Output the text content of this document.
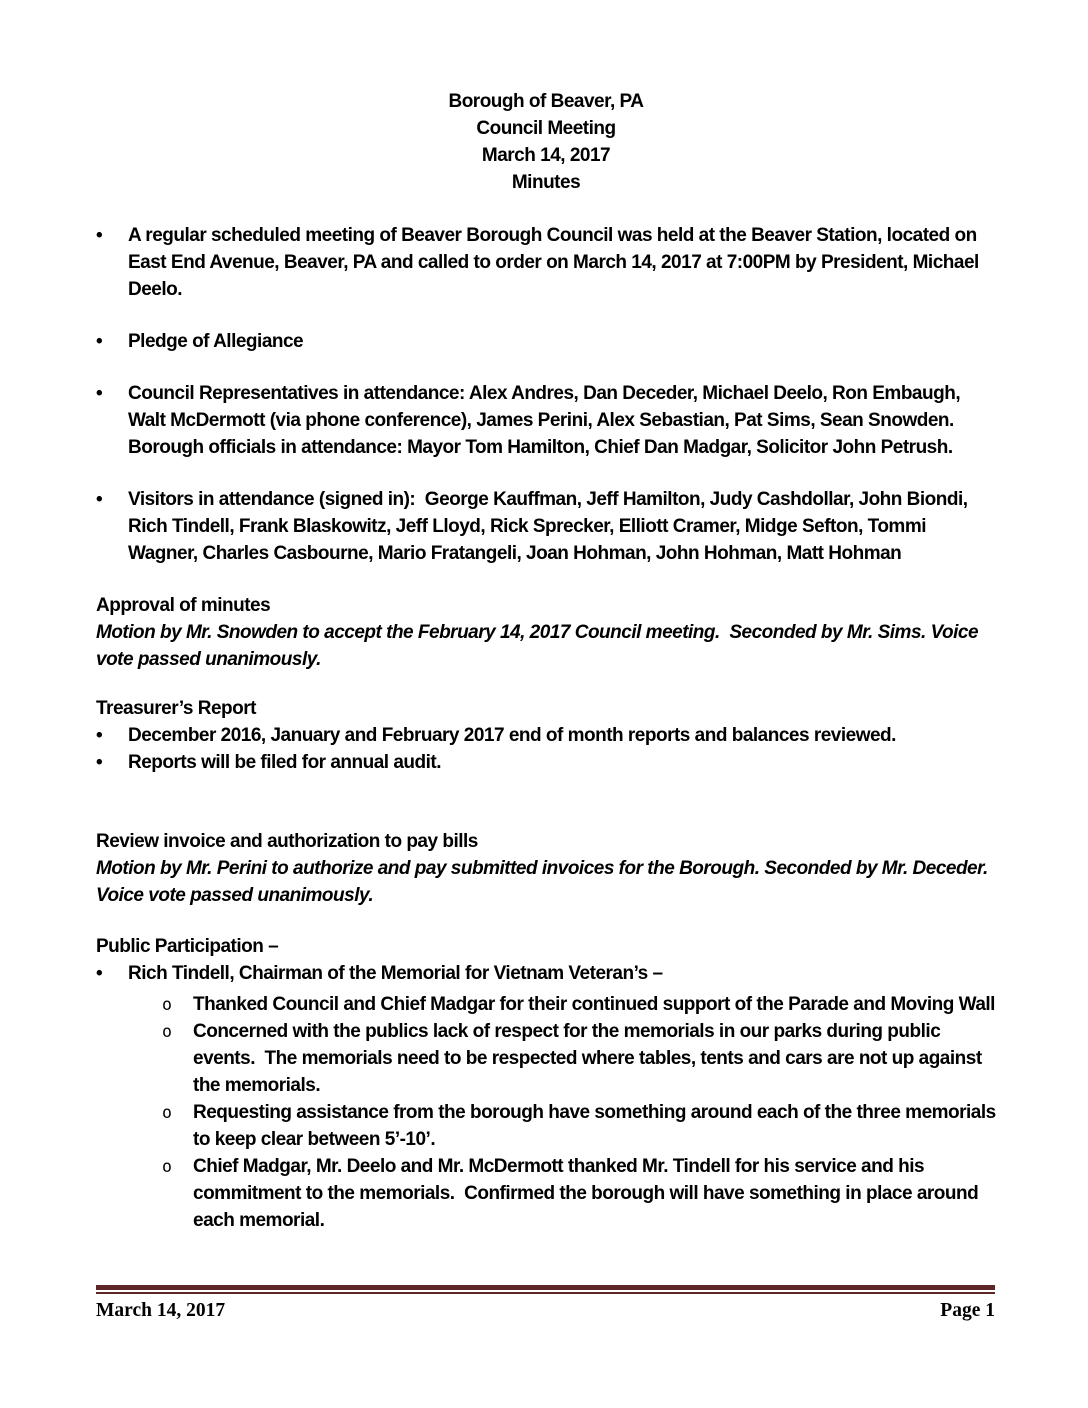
Borough of Beaver, PA
Council Meeting
March 14, 2017
Minutes
•	A regular scheduled meeting of Beaver Borough Council was held at the Beaver Station, located on East End Avenue, Beaver, PA and called to order on March 14, 2017 at 7:00PM by President, Michael Deelo.
•	Pledge of Allegiance
•	Council Representatives in attendance: Alex Andres, Dan Deceder, Michael Deelo, Ron Embaugh, Walt McDermott (via phone conference), James Perini, Alex Sebastian, Pat Sims, Sean Snowden. Borough officials in attendance: Mayor Tom Hamilton, Chief Dan Madgar, Solicitor John Petrush.
•	Visitors in attendance (signed in):  George Kauffman, Jeff Hamilton, Judy Cashdollar, John Biondi, Rich Tindell, Frank Blaskowitz, Jeff Lloyd, Rick Sprecker, Elliott Cramer, Midge Sefton, Tommi Wagner, Charles Casbourne, Mario Fratangeli, Joan Hohman, John Hohman, Matt Hohman
Approval of minutes

Motion by Mr. Snowden to accept the February 14, 2017 Council meeting.  Seconded by Mr. Sims. Voice vote passed unanimously.

Treasurer’s Report
•	December 2016, January and February 2017 end of month reports and balances reviewed.
•	Reports will be filed for annual audit.
Review invoice and authorization to pay bills

Motion by Mr. Perini to authorize and pay submitted invoices for the Borough. Seconded by Mr. Deceder. Voice vote passed unanimously.

Public Participation –
•	Rich Tindell, Chairman of the Memorial for Vietnam Veteran’s –
o	Thanked Council and Chief Madgar for their continued support of the Parade and Moving Wall
o	Concerned with the publics lack of respect for the memorials in our parks during public events.  The memorials need to be respected where tables, tents and cars are not up against the memorials.
o	Requesting assistance from the borough have something around each of the three memorials to keep clear between 5’-10’.
o	Chief Madgar, Mr. Deelo and Mr. McDermott thanked Mr. Tindell for his service and his commitment to the memorials.  Confirmed the borough will have something in place around each memorial.
March 14, 2017	Page 1
